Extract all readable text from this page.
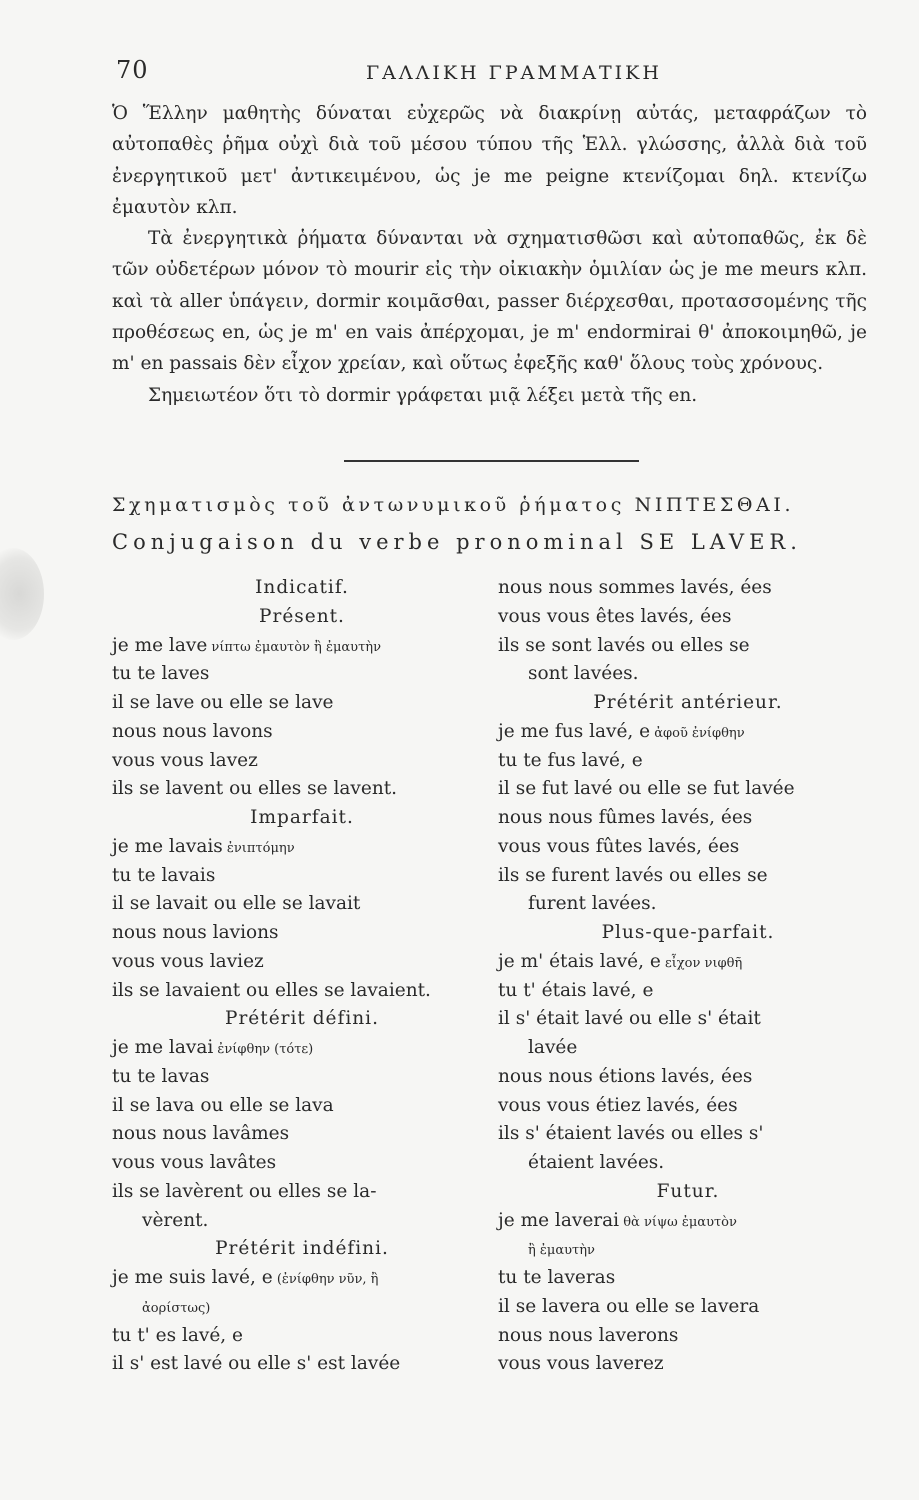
70	ΓΑΛΛΙΚΗ ΓΡΑΜΜΑΤΙΚΗ

Ὁ Ἕλλην μαθητὴς δύναται εὐχερῶς νὰ διακρίνῃ αὐτάς, μεταφράζων τὸ αὐτοπαθὲς ῥῆμα οὐχὶ διὰ τοῦ μέσου τύπου τῆς Ἑλλ. γλώσσης, ἀλλὰ διὰ τοῦ ἐνεργητικοῦ μετ' ἀντικειμένου, ὡς je me peigne κτενίζομαι δηλ. κτενίζω ἐμαυτὸν κλπ.

Τὰ ἐνεργητικὰ ῥήματα δύνανται νὰ σχηματισθῶσι καὶ αὐτοπαθῶς, ἐκ δὲ τῶν οὐδετέρων μόνον τὸ mourir εἰς τὴν οἰκιακὴν ὁμιλίαν ὡς je me meurs κλπ. καὶ τὰ aller ὑπάγειν, dormir κοιμᾶσθαι, passer διέρχεσθαι, προτασσομένης τῆς προθέσεως en, ὡς je m' en vais ἀπέρχομαι, je m' endormirai θ' ἀποκοιμηθῶ, je m' en passais δὲν εἶχον χρείαν, καὶ οὕτως ἐφεξῆς καθ' ὅλους τοὺς χρόνους.

Σημειωτέον ὅτι τὸ dormir γράφεται μιᾷ λέξει μετὰ τῆς en.

Σχηματισμὸς τοῦ ἀντωνυμικοῦ ῥήματος ΝΙΠΤΕΣΘΑΙ.
Conjugaison du verbe pronominal SE LAVER.
Indicatif.
Présent.
je me lave νίπτω ἐμαυτὸν ἢ ἐμαυτὴν
tu te laves
il se lave ou elle se lave
nous nous lavons
vous vous lavez
ils se lavent ou elles se lavent.
Imparfait.
je me lavais ἐνιπτόμην
tu te lavais
il se lavait ou elle se lavait
nous nous lavions
vous vous laviez
ils se lavaient ou elles se lavaient.
Prétérit défini.
je me lavai ἐνίφθην (τότε)
tu te lavas
il se lava ou elle se lava
nous nous lavâmes
vous vous lavâtes
ils se lavèrent ou elles se la-
vèrent.
Prétérit indéfini.
je me suis lavé, e (ἐνίφθην νῦν, ἢ
ἀορίστως)
tu t' es lavé, e
il s' est lavé ou elle s' est lavée
nous nous sommes lavés, ées
vous vous êtes lavés, ées
ils se sont lavés ou elles se
sont lavées.
Prétérit antérieur.
je me fus lavé, e ἀφοῦ ἐνίφθην
tu te fus lavé, e
il se fut lavé ou elle se fut lavée
nous nous fûmes lavés, ées
vous vous fûtes lavés, ées
ils se furent lavés ou elles se
furent lavées.
Plus-que-parfait.
je m' étais lavé, e εἶχον νιφθῆ
tu t' étais lavé, e
il s' était lavé ou elle s' était
lavée
nous nous étions lavés, ées
vous vous étiez lavés, ées
ils s' étaient lavés ou elles s'
étaient lavées.
Futur.
je me laverai θὰ νίψω ἐμαυτὸν
ἢ ἐμαυτὴν
tu te laveras
il se lavera ou elle se lavera
nous nous laverons
vous vous laverez
